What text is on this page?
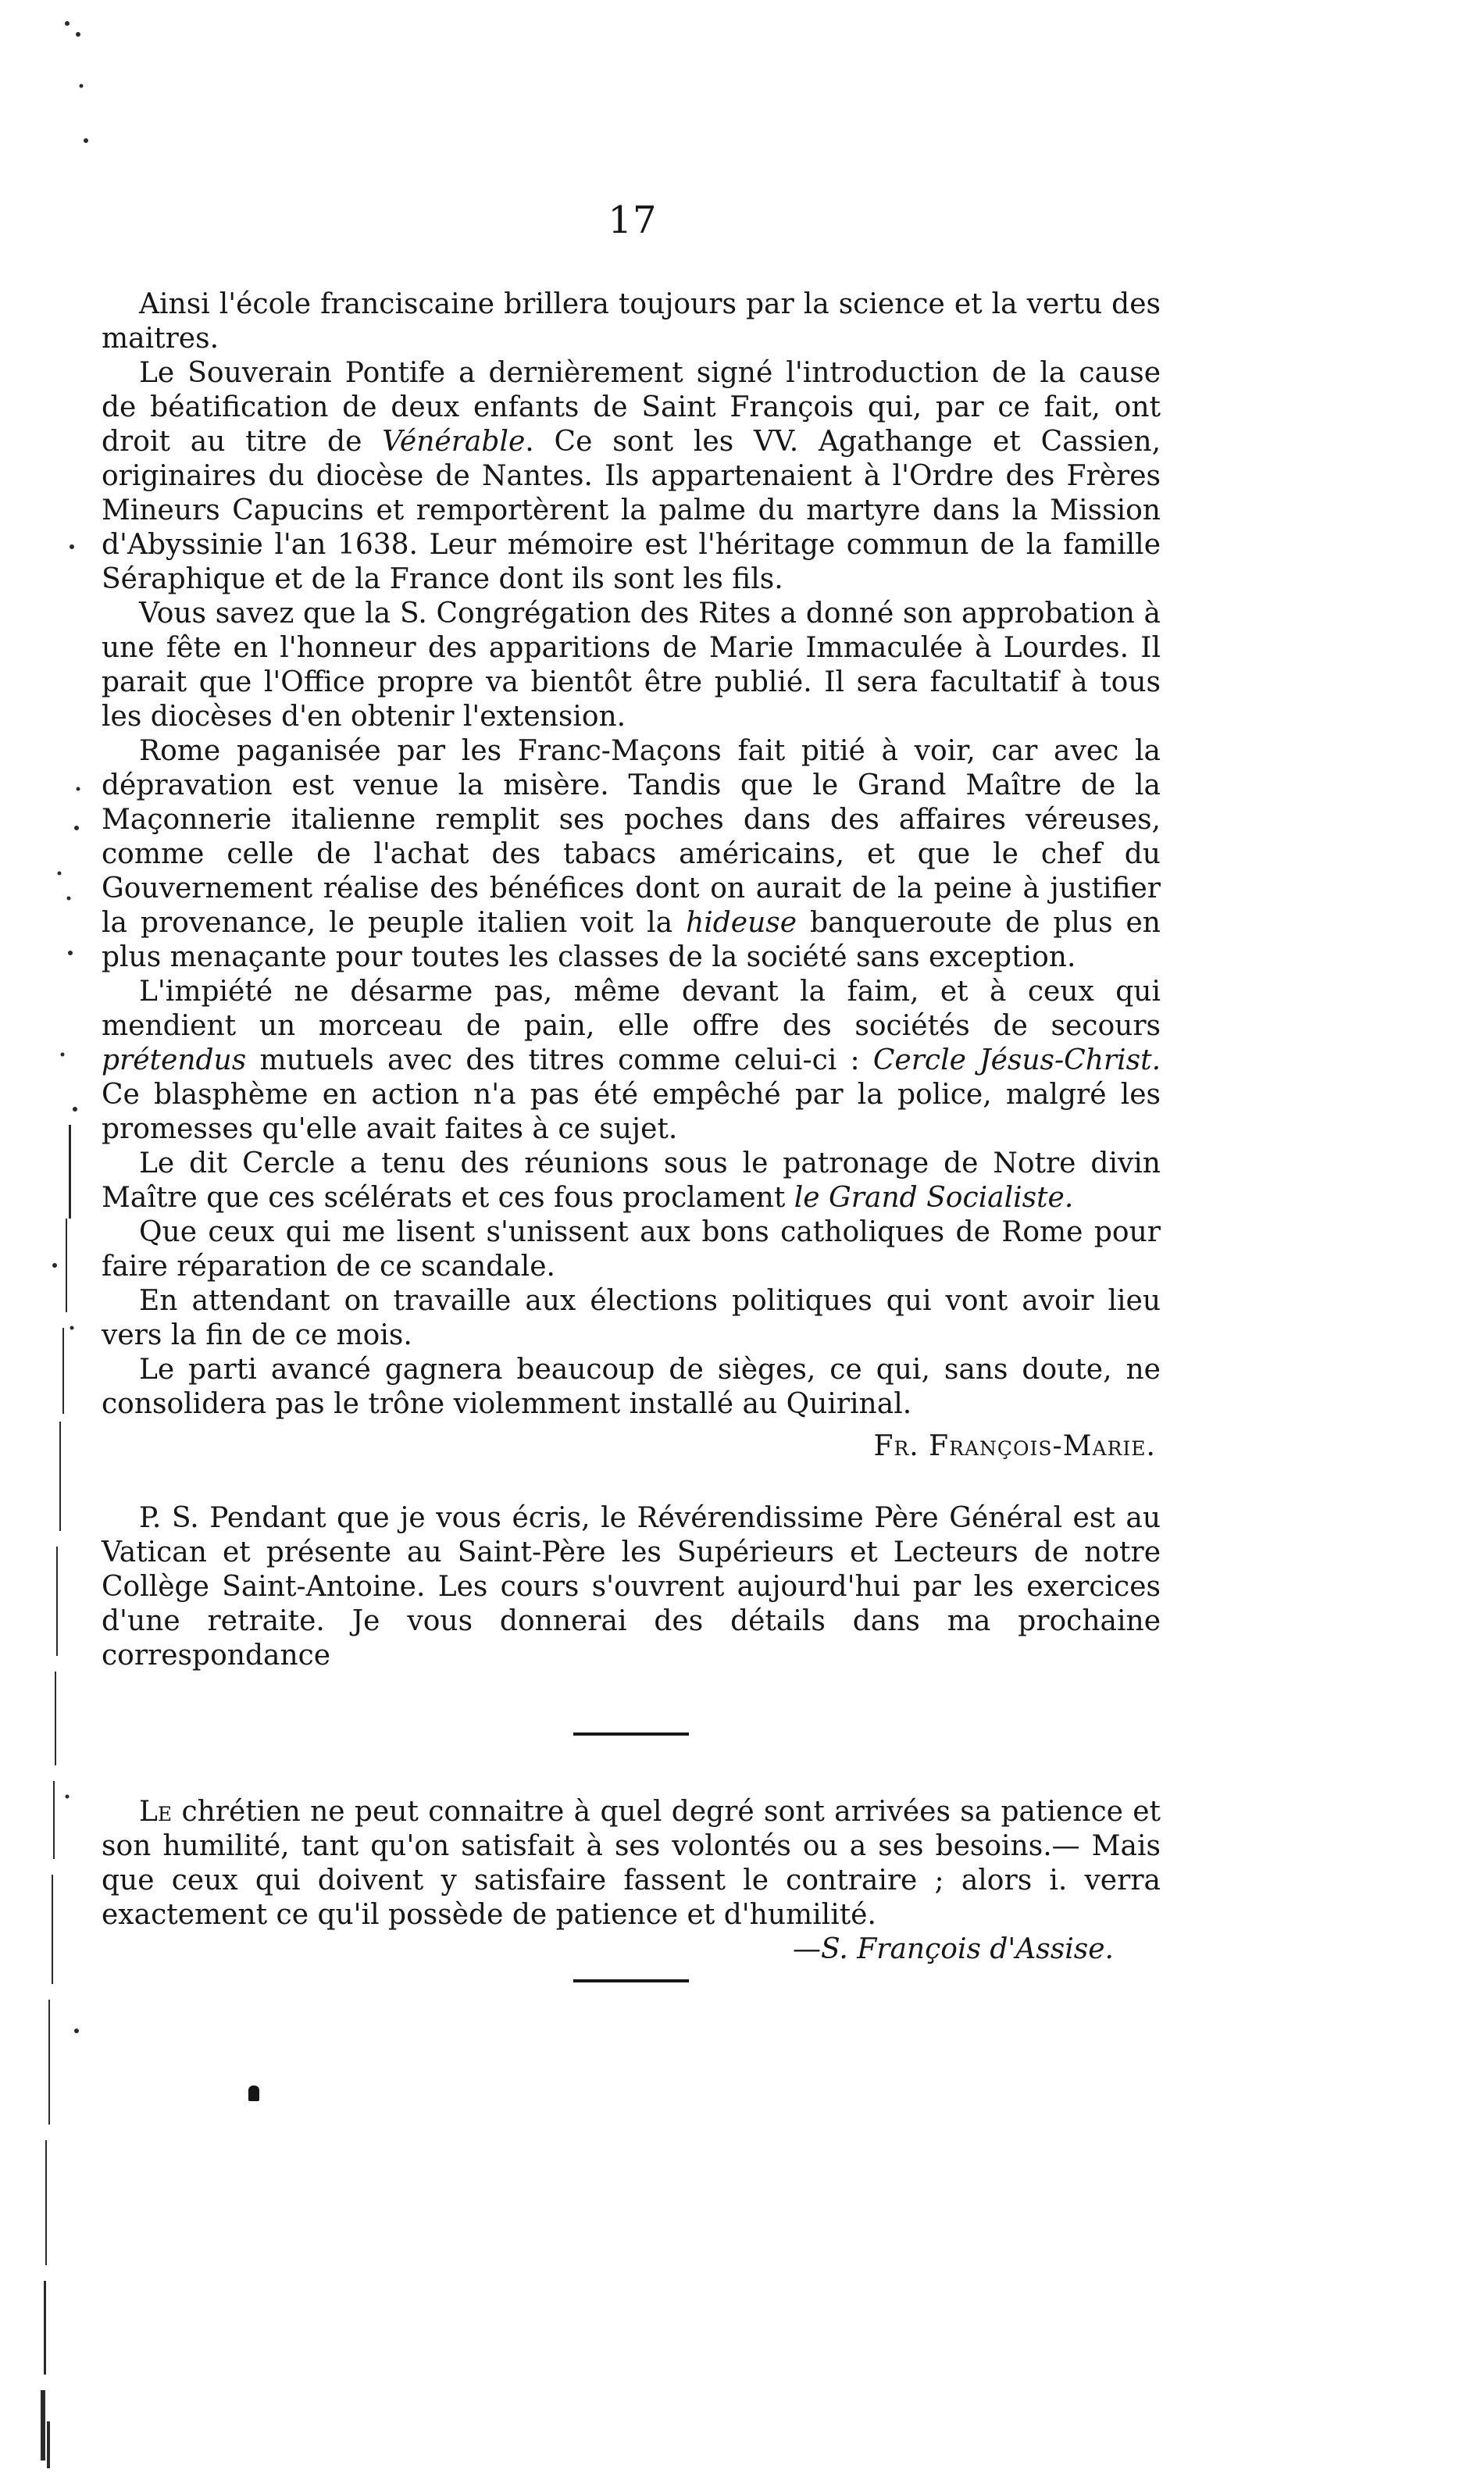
17

Ainsi l'école franciscaine brillera toujours par la science et la vertu des maitres.

Le Souverain Pontife a dernièrement signé l'introduction de la cause de béatification de deux enfants de Saint François qui, par ce fait, ont droit au titre de Vénérable. Ce sont les VV. Agathange et Cassien, originaires du diocèse de Nantes. Ils appartenaient à l'Ordre des Frères Mineurs Capucins et remportèrent la palme du martyre dans la Mission d'Abyssinie l'an 1638. Leur mémoire est l'héritage commun de la famille Séraphique et de la France dont ils sont les fils.

Vous savez que la S. Congrégation des Rites a donné son approbation à une fête en l'honneur des apparitions de Marie Immaculée à Lourdes. Il parait que l'Office propre va bientôt être publié. Il sera facultatif à tous les diocèses d'en obtenir l'extension.

Rome paganisée par les Franc-Maçons fait pitié à voir, car avec la dépravation est venue la misère. Tandis que le Grand Maître de la Maçonnerie italienne remplit ses poches dans des affaires véreuses, comme celle de l'achat des tabacs américains, et que le chef du Gouvernement réalise des bénéfices dont on aurait de la peine à justifier la provenance, le peuple italien voit la hideuse banqueroute de plus en plus menaçante pour toutes les classes de la société sans exception.

L'impiété ne désarme pas, même devant la faim, et à ceux qui mendient un morceau de pain, elle offre des sociétés de secours prétendus mutuels avec des titres comme celui-ci : Cercle Jésus-Christ. Ce blasphème en action n'a pas été empêché par la police, malgré les promesses qu'elle avait faites à ce sujet.

Le dit Cercle a tenu des réunions sous le patronage de Notre divin Maître que ces scélérats et ces fous proclament le Grand Socialiste.

Que ceux qui me lisent s'unissent aux bons catholiques de Rome pour faire réparation de ce scandale.

En attendant on travaille aux élections politiques qui vont avoir lieu vers la fin de ce mois.

Le parti avancé gagnera beaucoup de sièges, ce qui, sans doute, ne consolidera pas le trône violemment installé au Quirinal.

Fr. François-Marie.

P. S. Pendant que je vous écris, le Révérendissime Père Général est au Vatican et présente au Saint-Père les Supérieurs et Lecteurs de notre Collège Saint-Antoine. Les cours s'ouvrent aujourd'hui par les exercices d'une retraite. Je vous donnerai des détails dans ma prochaine correspondance

Le chrétien ne peut connaitre à quel degré sont arrivées sa patience et son humilité, tant qu'on satisfait à ses volontés ou a ses besoins.— Mais que ceux qui doivent y satisfaire fassent le contraire ; alors i. verra exactement ce qu'il possède de patience et d'humilité.

—S. François d'Assise.
